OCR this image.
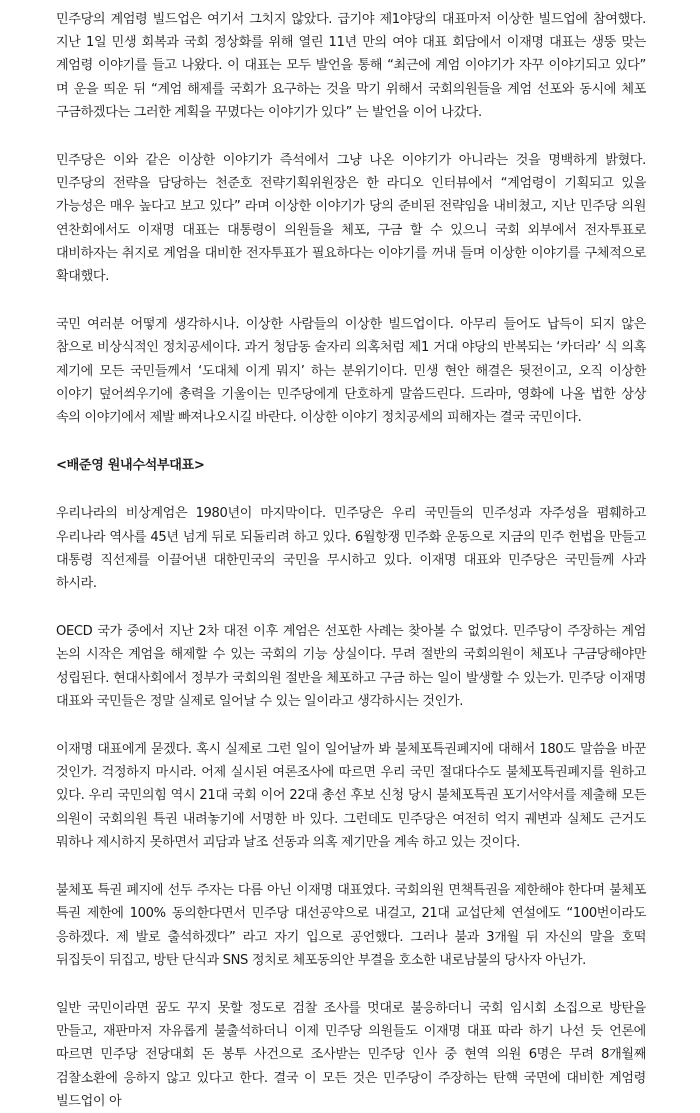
민주당의 계엄령 빌드업은 여기서 그치지 않았다. 급기야 제1야당의 대표마저 이상한 빌드업에 참여했다. 지난 1일 민생 회복과 국회 정상화를 위해 열린 11년 만의 여야 대표 회담에서 이재명 대표는 생뚱 맞는 계엄령 이야기를 들고 나왔다. 이 대표는 모두 발언을 통해 “최근에 계엄 이야기가 자꾸 이야기되고 있다” 며 운을 띄운 뒤 “계엄 해제를 국회가 요구하는 것을 막기 위해서 국회의원들을 계엄 선포와 동시에 체포 구금하겠다는 그러한 계획을 꾸몄다는 이야기가 있다” 는 발언을 이어 나갔다.

민주당은 이와 같은 이상한 이야기가 즉석에서 그냥 나온 이야기가 아니라는 것을 명백하게 밝혔다. 민주당의 전략을 담당하는 천준호 전략기획위원장은 한 라디오 인터뷰에서 “계엄령이 기획되고 있을 가능성은 매우 높다고 보고 있다” 라며 이상한 이야기가 당의 준비된 전략임을 내비쳤고, 지난 민주당 의원 연찬회에서도 이재명 대표는 대통령이 의원들을 체포, 구금 할 수 있으니 국회 외부에서 전자투표로 대비하자는 취지로 계엄을 대비한 전자투표가 필요하다는 이야기를 꺼내 들며 이상한 이야기를 구체적으로 확대했다.

국민 여러분 어떻게 생각하시나. 이상한 사람들의 이상한 빌드업이다. 아무리 들어도 납득이 되지 않은 참으로 비상식적인 정치공세이다. 과거 청담동 술자리 의혹처럼 제1 거대 야당의 반복되는 ‘카더라’ 식 의혹 제기에 모든 국민들께서 ‘도대체 이게 뭐지’ 하는 분위기이다. 민생 현안 해결은 뒷전이고, 오직 이상한 이야기 덮어씌우기에 총력을 기울이는 민주당에게 단호하게 말씀드린다. 드라마, 영화에 나올 법한 상상 속의 이야기에서 제발 빠져나오시길 바란다. 이상한 이야기 정치공세의 피해자는 결국 국민이다.

<배준영 원내수석부대표>

우리나라의 비상계엄은 1980년이 마지막이다. 민주당은 우리 국민들의 민주성과 자주성을 폄훼하고 우리나라 역사를 45년 넘게 뒤로 되돌리려 하고 있다. 6월항쟁 민주화 운동으로 지금의 민주 헌법을 만들고 대통령 직선제를 이끌어낸 대한민국의 국민을 무시하고 있다. 이재명 대표와 민주당은 국민들께 사과 하시라.

OECD 국가 중에서 지난 2차 대전 이후 계엄은 선포한 사례는 찾아볼 수 없었다. 민주당이 주장하는 계엄 논의 시작은 계엄을 해제할 수 있는 국회의 기능 상실이다. 무려 절반의 국회의원이 체포나 구금당해야만 성립된다. 현대사회에서 정부가 국회의원 절반을 체포하고 구금 하는 일이 발생할 수 있는가. 민주당 이재명 대표와 국민들은 정말 실제로 일어날 수 있는 일이라고 생각하시는 것인가.

이재명 대표에게 묻겠다. 혹시 실제로 그런 일이 일어날까 봐 불체포특권폐지에 대해서 180도 말씀을 바꾼 것인가. 걱정하지 마시라. 어제 실시된 여론조사에 따르면 우리 국민 절대다수도 불체포특권폐지를 원하고 있다. 우리 국민의힘 역시 21대 국회 이어 22대 총선 후보 신청 당시 불체포특권 포기서약서를 제출해 모든 의원이 국회의원 특권 내려놓기에 서명한 바 있다. 그런데도 민주당은 여전히 억지 궤변과 실체도 근거도 뭐하나 제시하지 못하면서 괴담과 날조 선동과 의혹 제기만을 계속 하고 있는 것이다.

불체포 특권 폐지에 선두 주자는 다름 아닌 이재명 대표였다. 국회의원 면책특권을 제한해야 한다며 불체포 특권 제한에 100% 동의한다면서 민주당 대선공약으로 내걸고, 21대 교섭단체 연설에도 “100번이라도 응하겠다. 제 발로 출석하겠다” 라고 자기 입으로 공언했다. 그러나 불과 3개월 뒤 자신의 말을 호떡 뒤집듯이 뒤집고, 방탄 단식과 SNS 정치로 체포동의안 부결을 호소한 내로남불의 당사자 아닌가.

일반 국민이라면 꿈도 꾸지 못할 정도로 검찰 조사를 멋대로 불응하더니 국회 임시회 소집으로 방탄을 만들고, 재판마저 자유롭게 불출석하더니 이제 민주당 의원들도 이재명 대표 따라 하기 나선 듯 언론에 따르면 민주당 전당대회 돈 봉투 사건으로 조사받는 민주당 인사 중 현역 의원 6명은 무려 8개월째 검찰소환에 응하지 않고 있다고 한다. 결국 이 모든 것은 민주당이 주장하는 탄핵 국면에 대비한 계엄령 빌드업이 아
